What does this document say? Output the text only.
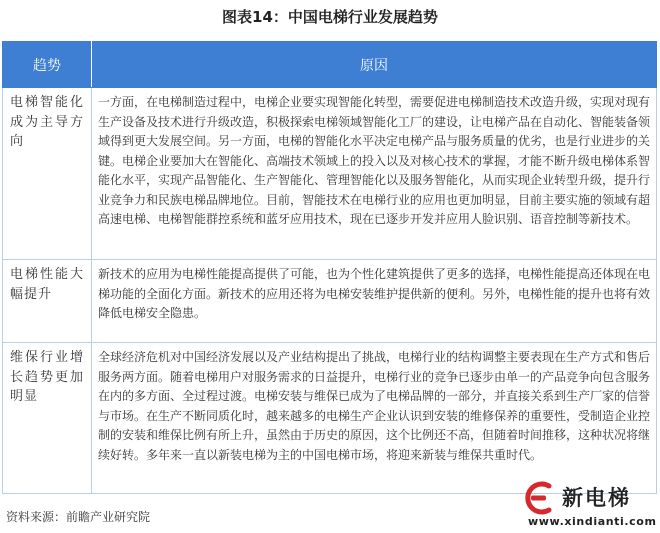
图表14：中国电梯行业发展趋势
趋势	原因
电梯智能化成为主导方向	一方面，在电梯制造过程中，电梯企业要实现智能化转型，需要促进电梯制造技术改造升级，实现对现有生产设备及技术进行升级改造，积极探索电梯领域智能化工厂的建设，让电梯产品在自动化、智能装备领域得到更大发展空间。另一方面，电梯的智能化水平决定电梯产品与服务质量的优劣，也是行业进步的关键。电梯企业要加大在智能化、高端技术领域上的投入以及对核心技术的掌握，才能不断升级电梯体系智能化水平，实现产品智能化、生产智能化、管理智能化以及服务智能化，从而实现企业转型升级，提升行业竞争力和民族电梯品牌地位。目前，智能技术在电梯行业的应用也更加明显，目前主要实施的领域有超高速电梯、电梯智能群控系统和蓝牙应用技术，现在已逐步开发并应用人脸识别、语音控制等新技术。
电梯性能大幅提升	新技术的应用为电梯性能提高提供了可能，也为个性化建筑提供了更多的选择，电梯性能提高还体现在电梯功能的全面化方面。新技术的应用还将为电梯安装维护提供新的便利。另外，电梯性能的提升也将有效降低电梯安全隐患。
维保行业增长趋势更加明显	全球经济危机对中国经济发展以及产业结构提出了挑战，电梯行业的结构调整主要表现在生产方式和售后服务两方面。随着电梯用户对服务需求的日益提升，电梯行业的竞争已逐步由单一的产品竞争向包含服务在内的多方面、全过程过渡。电梯安装与维保已成为了电梯品牌的一部分，并直接关系到生产厂家的信誉与市场。在生产不断同质化时，越来越多的电梯生产企业认识到安装的维修保养的重要性，受制造企业控制的安装和维保比例有所上升，虽然由于历史的原因，这个比例还不高，但随着时间推移，这种状况将继续好转。多年来一直以新装电梯为主的中国电梯市场，将迎来新装与维保共重时代。
资料来源：前瞻产业研究院
新电梯
www.xindianti.com
